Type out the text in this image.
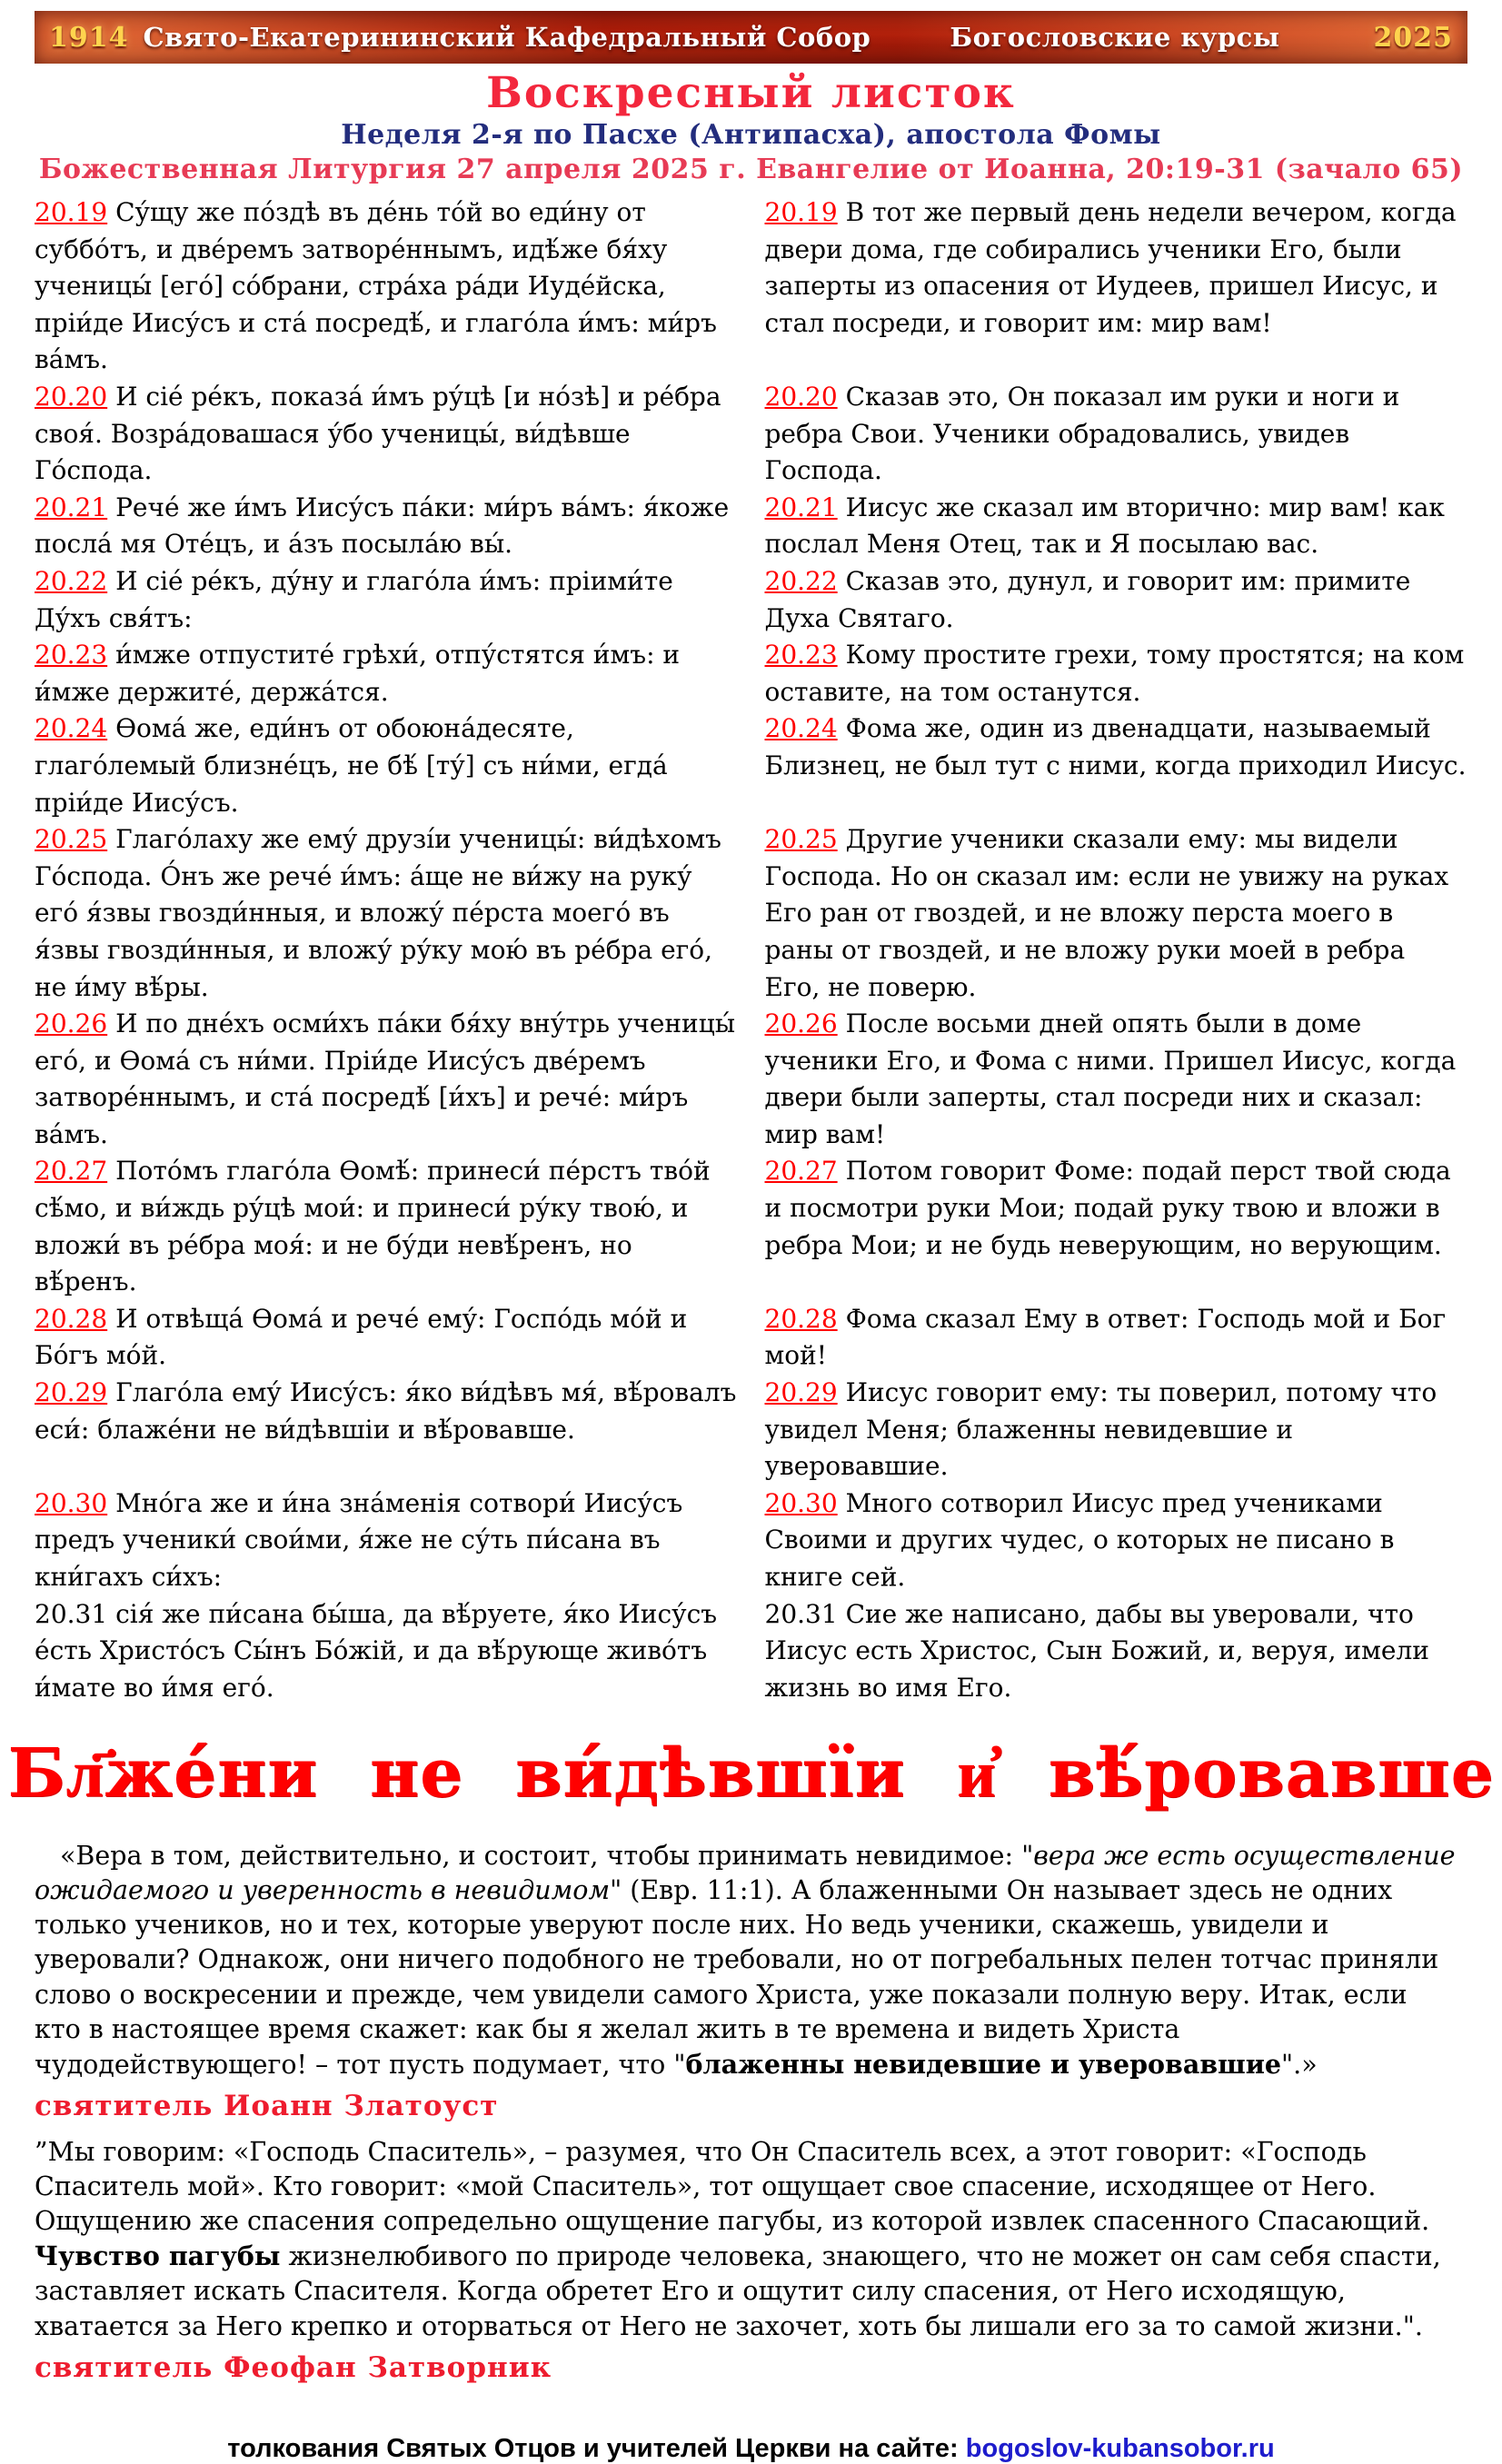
1914 Свято-Екатерининский Кафедральный Собор	Богословские курсы	2025
Воскресный листок
Неделя 2-я по Пасхе (Антипасха), апостола Фомы
Божественная Литургия 27 апреля 2025 г. Евангелие от Иоанна, 20:19-31 (зачало 65)
20.19 Су́щу же по́здѣ въ де́нь то́й во еди́ну от суббо́тъ, и две́ремъ затворе́ннымъ, идѣ́же бя́ху ученицы́ [его́] со́брани, стра́ха ра́ди Иуде́йска, пріи́де Иису́съ и ста́ посредѣ́, и глаго́ла и́мъ: ми́ръ ва́мъ.
20.19 В тот же первый день недели вечером, когда двери дома, где собирались ученики Его, были заперты из опасения от Иудеев, пришел Иисус, и стал посреди, и говорит им: мир вам!
20.20 И сіе́ ре́къ, показа́ и́мъ ру́цѣ [и но́зѣ] и ре́бра своя́. Возра́довашася у́бо ученицы́, ви́дѣвше Го́спода.
20.20 Сказав это, Он показал им руки и ноги и ребра Свои. Ученики обрадовались, увидев Господа.
20.21 Рече́ же и́мъ Иису́съ па́ки: ми́ръ ва́мъ: я́коже посла́ мя Оте́цъ, и а́зъ посыла́ю вы́.
20.21 Иисус же сказал им вторично: мир вам! как послал Меня Отец, так и Я посылаю вас.
20.22 И сіе́ ре́къ, ду́ну и глаго́ла и́мъ: пріими́те Ду́хъ свя́тъ:
20.22 Сказав это, дунул, и говорит им: примите Духа Святаго.
20.23 и́мже отпустите́ грѣхи́, отпу́стятся и́мъ: и и́мже держите́, держа́тся.
20.23 Кому простите грехи, тому простятся; на ком оставите, на том останутся.
20.24 Ѳома́ же, еди́нъ от обоюна́десяте, глаго́лемый близне́цъ, не бѣ́ [ту́] съ ни́ми, егда́ пріи́де Иису́съ.
20.24 Фома же, один из двенадцати, называемый Близнец, не был тут с ними, когда приходил Иисус.
20.25 Глаго́лаху же ему́ друзі́и ученицы́: ви́дѣхомъ Го́спода. О́нъ же рече́ и́мъ: а́ще не ви́жу на руку́ его́ я́звы гвозди́нныя, и вложу́ пе́рста моего́ въ я́звы гвозди́нныя, и вложу́ ру́ку мою́ въ ре́бра его́, не и́му вѣ́ры.
20.25 Другие ученики сказали ему: мы видели Господа. Но он сказал им: если не увижу на руках Его ран от гвоздей, и не вложу перста моего в раны от гвоздей, и не вложу руки моей в ребра Его, не поверю.
20.26 И по дне́хъ осми́хъ па́ки бя́ху вну́трь ученицы́ его́, и Ѳома́ съ ни́ми. Пріи́де Иису́съ две́ремъ затворе́ннымъ, и ста́ посредѣ́ [и́хъ] и рече́: ми́ръ ва́мъ.
20.26 После восьми дней опять были в доме ученики Его, и Фома с ними. Пришел Иисус, когда двери были заперты, стал посреди них и сказал: мир вам!
20.27 Пото́мъ глаго́ла Ѳомѣ́: принеси́ пе́рстъ тво́й сѣ́мо, и ви́ждь ру́цѣ мои́: и принеси́ ру́ку твою́, и вложи́ въ ре́бра моя́: и не бу́ди невѣ́ренъ, но вѣ́ренъ.
20.27 Потом говорит Фоме: подай перст твой сюда и посмотри руки Мои; подай руку твою и вложи в ребра Мои; и не будь неверующим, но верующим.
20.28 И отвѣща́ Ѳома́ и рече́ ему́: Госпо́дь мо́й и Бо́гъ мо́й.
20.28 Фома сказал Ему в ответ: Господь мой и Бог мой!
20.29 Глаго́ла ему́ Иису́съ: я́ко ви́дѣвъ мя́, вѣ́ровалъ еси́: блаже́ни не ви́дѣвшіи и вѣ́ровавше.
20.29 Иисус говорит ему: ты поверил, потому что увидел Меня; блаженны невидевшие и уверовавшие.
20.30 Мно́га же и и́на зна́менія сотвори́ Иису́съ предъ ученики́ свои́ми, я́же не су́ть пи́сана въ кни́гахъ си́хъ:
20.30 Много сотворил Иисус пред учениками Своими и других чудес, о которых не писано в книге сей.
20.31 сія́ же пи́сана бы́ша, да вѣ́руете, я́ко Иису́съ е́сть Христо́съ Сы́нъ Бо́жій, и да вѣ́рующе живо́тъ и́мате во и́мя его́.
20.31 Сие же написано, дабы вы уверовали, что Иисус есть Христос, Сын Божий, и, веруя, имели жизнь во имя Его.
Бл҃же́ни не ви́дѣвшїи и҆ вѣ́ровавше

«Вера в том, действительно, и состоит, чтобы принимать невидимое: "вера же есть осуществление ожидаемого и уверенность в невидимом" (Евр. 11:1). А блаженными Он называет здесь не одних только учеников, но и тех, которые уверуют после них. Но ведь ученики, скажешь, увидели и уверовали? Однакож, они ничего подобного не требовали, но от погребальных пелен тотчас приняли слово о воскресении и прежде, чем увидели самого Христа, уже показали полную веру. Итак, если кто в настоящее время скажет: как бы я желал жить в те времена и видеть Христа чудодействующего! – тот пусть подумает, что "блаженны невидевшие и уверовавшие".»

святитель Иоанн Златоуст

”Мы говорим: «Господь Спаситель», – разумея, что Он Спаситель всех, а этот говорит: «Господь Спаситель мой». Кто говорит: «мой Спаситель», тот ощущает свое спасение, исходящее от Него. Ощущению же спасения сопредельно ощущение пагубы, из которой извлек спасенного Спасающий. Чувство пагубы жизнелюбивого по природе человека, знающего, что не может он сам себя спасти, заставляет искать Спасителя. Когда обретет Его и ощутит силу спасения, от Него исходящую, хватается за Него крепко и оторваться от Него не захочет, хоть бы лишали его за то самой жизни.".

святитель Феофан Затворник
толкования Святых Отцов и учителей Церкви на сайте: bogoslov-kubansobor.ru
